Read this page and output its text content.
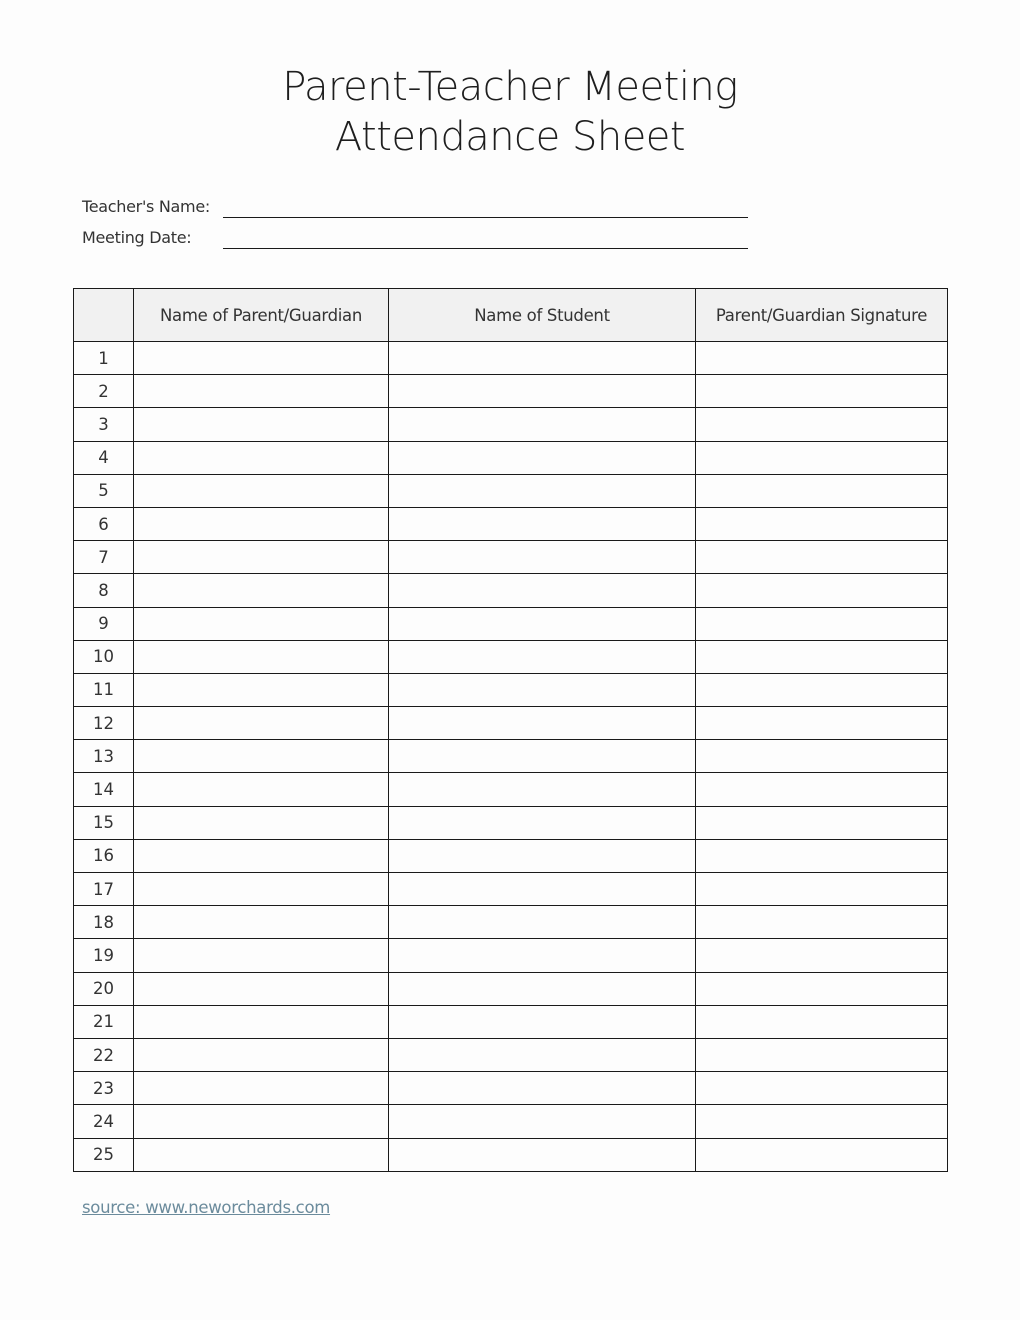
Parent-Teacher Meeting
Attendance Sheet
Teacher's Name:
Meeting Date:
	Name of Parent/Guardian	Name of Student	Parent/Guardian Signature
1			
2			
3			
4			
5			
6			
7			
8			
9			
10			
11			
12			
13			
14			
15			
16			
17			
18			
19			
20			
21			
22			
23			
24			
25			
source: www.neworchards.com
